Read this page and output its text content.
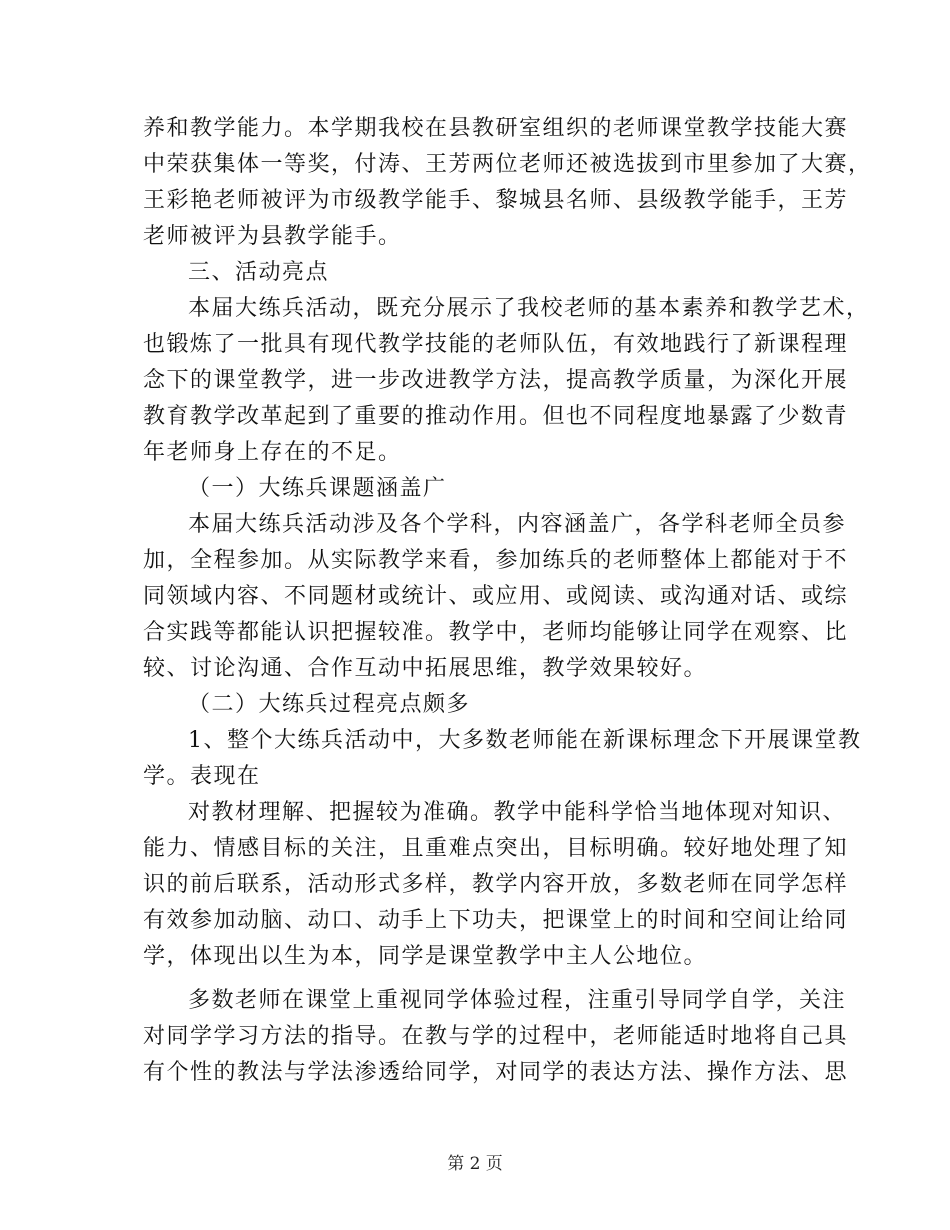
养和教学能力。本学期我校在县教研室组织的老师课堂教学技能大赛
中荣获集体一等奖，付涛、王芳两位老师还被选拔到市里参加了大赛，
王彩艳老师被评为市级教学能手、黎城县名师、县级教学能手，王芳
老师被评为县教学能手。
三、活动亮点
本届大练兵活动，既充分展示了我校老师的基本素养和教学艺术，
也锻炼了一批具有现代教学技能的老师队伍，有效地践行了新课程理
念下的课堂教学，进一步改进教学方法，提高教学质量，为深化开展
教育教学改革起到了重要的推动作用。但也不同程度地暴露了少数青
年老师身上存在的不足。
（一）大练兵课题涵盖广
本届大练兵活动涉及各个学科，内容涵盖广，各学科老师全员参
加，全程参加。从实际教学来看，参加练兵的老师整体上都能对于不
同领域内容、不同题材或统计、或应用、或阅读、或沟通对话、或综
合实践等都能认识把握较准。教学中，老师均能够让同学在观察、比
较、讨论沟通、合作互动中拓展思维，教学效果较好。
（二）大练兵过程亮点颇多
1、整个大练兵活动中，大多数老师能在新课标理念下开展课堂教
学。表现在
对教材理解、把握较为准确。教学中能科学恰当地体现对知识、
能力、情感目标的关注，且重难点突出，目标明确。较好地处理了知
识的前后联系，活动形式多样，教学内容开放，多数老师在同学怎样
有效参加动脑、动口、动手上下功夫，把课堂上的时间和空间让给同
学，体现出以生为本，同学是课堂教学中主人公地位。
多数老师在课堂上重视同学体验过程，注重引导同学自学，关注
对同学学习方法的指导。在教与学的过程中，老师能适时地将自己具
有个性的教法与学法渗透给同学，对同学的表达方法、操作方法、思
第 2 页
